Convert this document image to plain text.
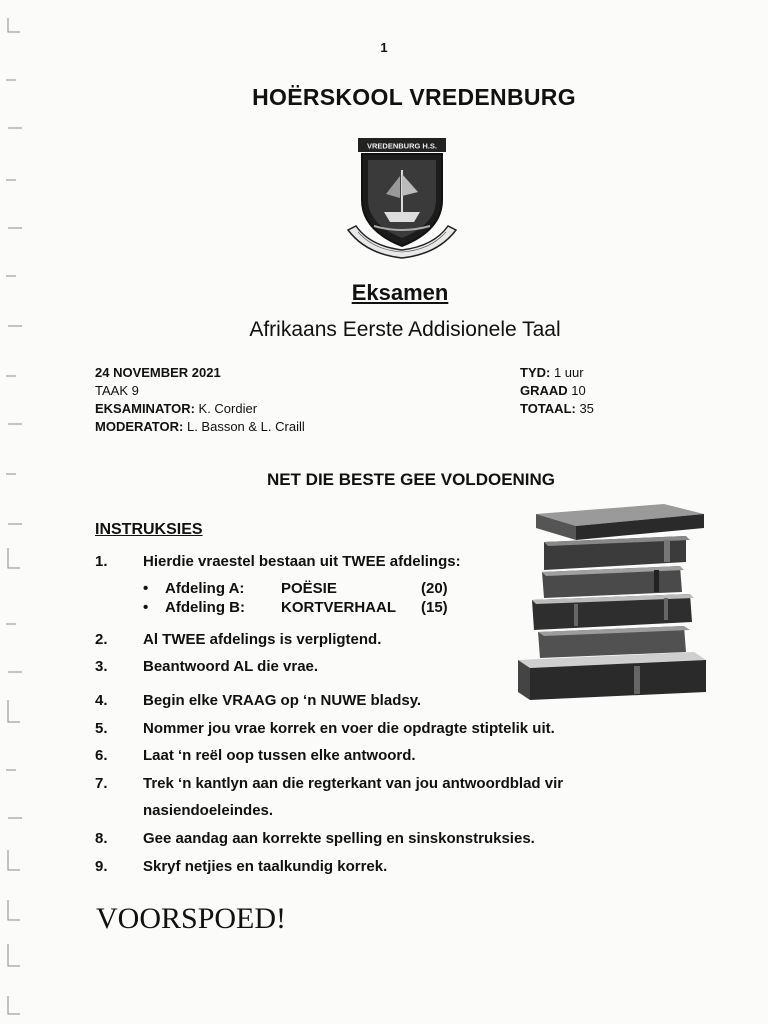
1
HOËRSKOOL VREDENBURG
VREDENBURG H.S.
Eksamen
Afrikaans Eerste Addisionele Taal
24 NOVEMBER 2021
TAAK 9
EKSAMINATOR: K. Cordier
MODERATOR: L. Basson & L. Craill
TYD: 1 uur
GRAAD 10
TOTAAL: 35
NET DIE BESTE GEE VOLDOENING
INSTRUKSIES
1. Hierdie vraestel bestaan uit TWEE afdelings:
• Afdeling A: POËSIE	(20)
• Afdeling B: KORTVERHAAL (15)
2. Al TWEE afdelings is verpligtend.
3. Beantwoord AL die vrae.
4. Begin elke VRAAG op ‘n NUWE bladsy.
5. Nommer jou vrae korrek en voer die opdragte stiptelik uit.
6. Laat ‘n reël oop tussen elke antwoord.
7. Trek ‘n kantlyn aan die regterkant van jou antwoordblad vir
nasiendoeleindes.
8. Gee aandag aan korrekte spelling en sinskonstruksies.
9. Skryf netjies en taalkundig korrek.
VOORSPOED!
